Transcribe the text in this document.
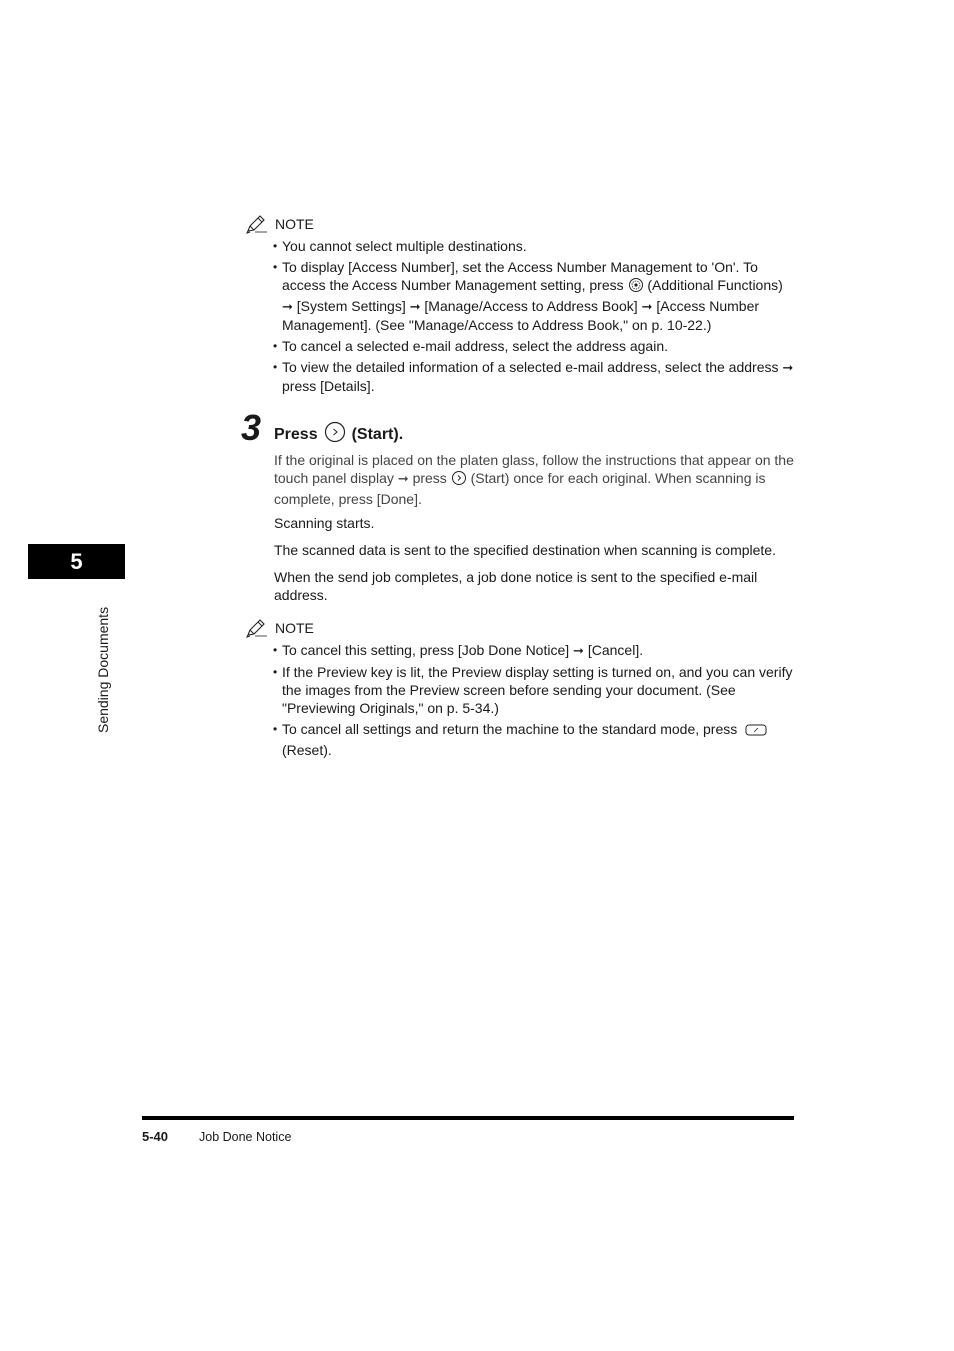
5
Sending Documents
NOTE
• You cannot select multiple destinations.
• To display [Access Number], set the Access Number Management to 'On'. To access the Access Number Management setting, press (Additional Functions) ➞ [System Settings] ➞ [Manage/Access to Address Book] ➞ [Access Number Management]. (See "Manage/Access to Address Book," on p. 10-22.)
• To cancel a selected e-mail address, select the address again.
• To view the detailed information of a selected e-mail address, select the address ➞ press [Details].
3 Press (Start).
If the original is placed on the platen glass, follow the instructions that appear on the touch panel display ➞ press (Start) once for each original. When scanning is complete, press [Done].
Scanning starts.
The scanned data is sent to the specified destination when scanning is complete.
When the send job completes, a job done notice is sent to the specified e-mail address.
NOTE
• To cancel this setting, press [Job Done Notice] ➞ [Cancel].
• If the Preview key is lit, the Preview display setting is turned on, and you can verify the images from the Preview screen before sending your document. (See "Previewing Originals," on p. 5-34.)
• To cancel all settings and return the machine to the standard mode, press
(Reset).
5-40 Job Done Notice
